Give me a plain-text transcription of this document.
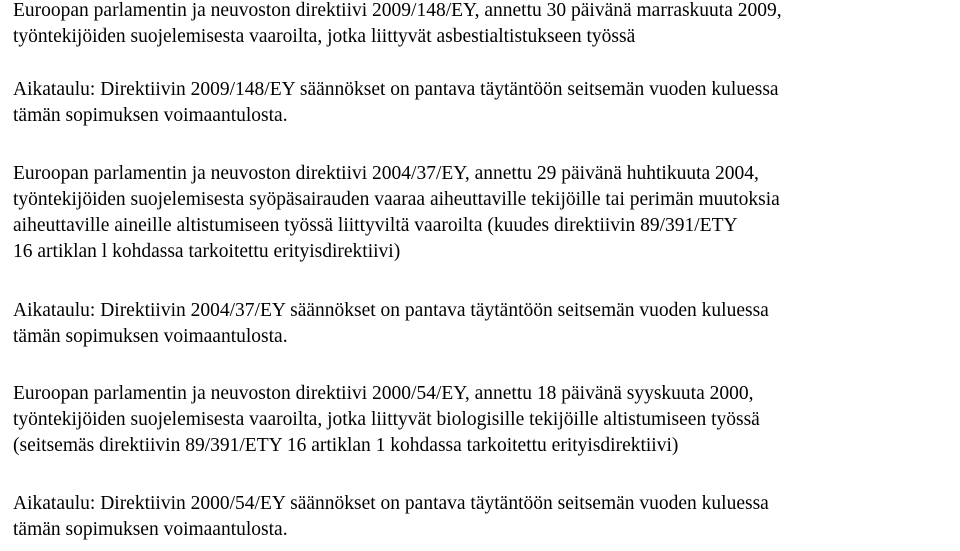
Euroopan parlamentin ja neuvoston direktiivi 2009/148/EY, annettu 30 päivänä marraskuuta 2009,
työntekijöiden suojelemisesta vaaroilta, jotka liittyvät asbestialtistukseen työssä

Aikataulu: Direktiivin 2009/148/EY säännökset on pantava täytäntöön seitsemän vuoden kuluessa
tämän sopimuksen voimaantulosta.

Euroopan parlamentin ja neuvoston direktiivi 2004/37/EY, annettu 29 päivänä huhtikuuta 2004,
työntekijöiden suojelemisesta syöpäsairauden vaaraa aiheuttaville tekijöille tai perimän muutoksia
aiheuttaville aineille altistumiseen työssä liittyviltä vaaroilta (kuudes direktiivin 89/391/ETY
16 artiklan l kohdassa tarkoitettu erityisdirektiivi)

Aikataulu: Direktiivin 2004/37/EY säännökset on pantava täytäntöön seitsemän vuoden kuluessa
tämän sopimuksen voimaantulosta.

Euroopan parlamentin ja neuvoston direktiivi 2000/54/EY, annettu 18 päivänä syyskuuta 2000,
työntekijöiden suojelemisesta vaaroilta, jotka liittyvät biologisille tekijöille altistumiseen työssä
(seitsemäs direktiivin 89/391/ETY 16 artiklan 1 kohdassa tarkoitettu erityisdirektiivi)

Aikataulu: Direktiivin 2000/54/EY säännökset on pantava täytäntöön seitsemän vuoden kuluessa
tämän sopimuksen voimaantulosta.
